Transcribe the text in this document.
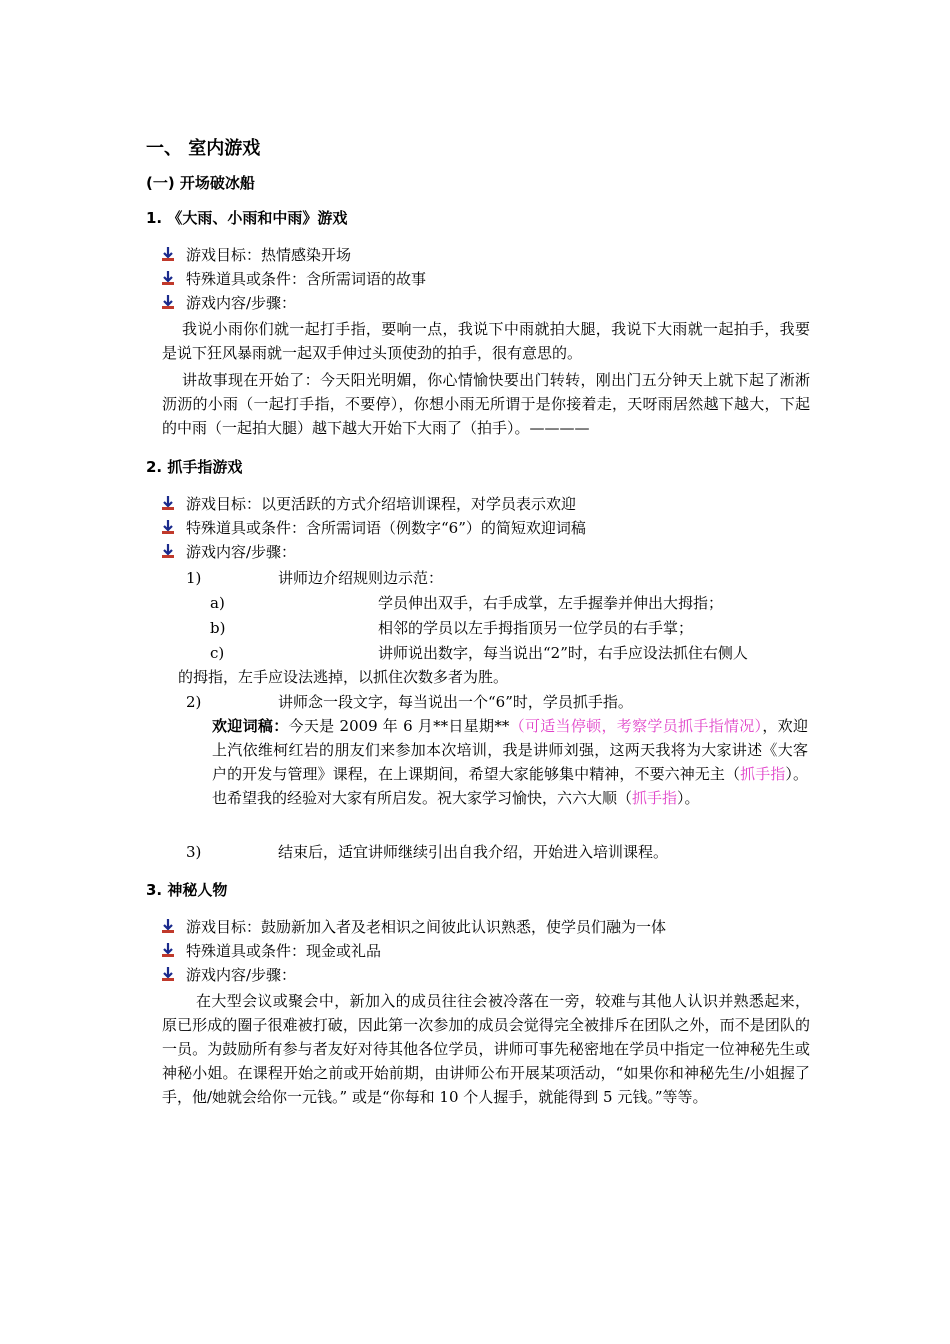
一、 室内游戏
(一) 开场破冰船
1. 《大雨、小雨和中雨》游戏
游戏目标：热情感染开场
特殊道具或条件：含所需词语的故事
游戏内容/步骤：
我说小雨你们就一起打手指，要响一点，我说下中雨就拍大腿，我说下大雨就一起拍手，我要是说下狂风暴雨就一起双手伸过头顶使劲的拍手，很有意思的。
讲故事现在开始了：今天阳光明媚，你心情愉快要出门转转，刚出门五分钟天上就下起了淅淅沥沥的小雨（一起打手指，不要停），你想小雨无所谓于是你接着走，天呀雨居然越下越大，下起的中雨（一起拍大腿）越下越大开始下大雨了（拍手）。————
2. 抓手指游戏
游戏目标：以更活跃的方式介绍培训课程，对学员表示欢迎
特殊道具或条件：含所需词语（例数字“6”）的简短欢迎词稿
游戏内容/步骤：
1)	讲师边介绍规则边示范：
a)	学员伸出双手，右手成掌，左手握拳并伸出大拇指；
b)	相邻的学员以左手拇指顶另一位学员的右手掌；
c)	讲师说出数字，每当说出“2”时，右手应设法抓住右侧人
的拇指，左手应设法逃掉，以抓住次数多者为胜。
2)	讲师念一段文字，每当说出一个“6”时，学员抓手指。
欢迎词稿：今天是 2009 年 6 月**日星期**（可适当停顿，考察学员抓手指情况），欢迎上汽依维柯红岩的朋友们来参加本次培训，我是讲师刘强，这两天我将为大家讲述《大客户的开发与管理》课程，在上课期间，希望大家能够集中精神，不要六神无主（抓手指）。也希望我的经验对大家有所启发。祝大家学习愉快，六六大顺（抓手指）。
3)	结束后，适宜讲师继续引出自我介绍，开始进入培训课程。
3. 神秘人物
游戏目标：鼓励新加入者及老相识之间彼此认识熟悉，使学员们融为一体
特殊道具或条件：现金或礼品
游戏内容/步骤：
在大型会议或聚会中，新加入的成员往往会被冷落在一旁，较难与其他人认识并熟悉起来，原已形成的圈子很难被打破，因此第一次参加的成员会觉得完全被排斥在团队之外，而不是团队的一员。为鼓励所有参与者友好对待其他各位学员，讲师可事先秘密地在学员中指定一位神秘先生或神秘小姐。在课程开始之前或开始前期，由讲师公布开展某项活动，“如果你和神秘先生/小姐握了手，他/她就会给你一元钱。” 或是“你每和 10 个人握手，就能得到 5 元钱。”等等。
